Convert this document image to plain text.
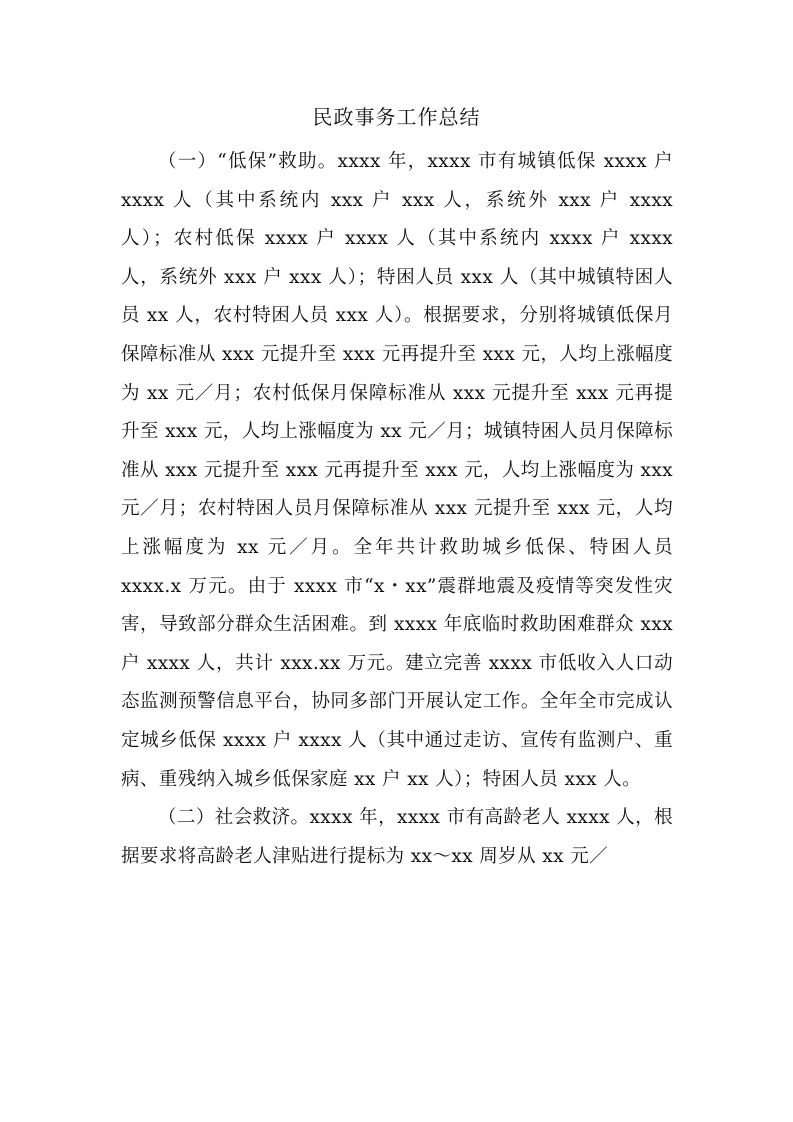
民政事务工作总结

（一）“低保”救助。xxxx 年，xxxx 市有城镇低保 xxxx 户 xxxx 人（其中系统内 xxx 户 xxx 人，系统外 xxx 户 xxxx 人）；农村低保 xxxx 户 xxxx 人（其中系统内 xxxx 户 xxxx 人，系统外 xxx 户 xxx 人）；特困人员 xxx 人（其中城镇特困人员 xx 人，农村特困人员 xxx 人）。根据要求，分别将城镇低保月保障标准从 xxx 元提升至 xxx 元再提升至 xxx 元，人均上涨幅度为 xx 元／月；农村低保月保障标准从 xxx 元提升至 xxx 元再提升至 xxx 元，人均上涨幅度为 xx 元／月；城镇特困人员月保障标准从 xxx 元提升至 xxx 元再提升至 xxx 元，人均上涨幅度为 xxx 元／月；农村特困人员月保障标准从 xxx 元提升至 xxx 元，人均上涨幅度为 xx 元／月。全年共计救助城乡低保、特困人员 xxxx.x 万元。由于 xxxx 市“x・xx”震群地震及疫情等突发性灾害，导致部分群众生活困难。到 xxxx 年底临时救助困难群众 xxx 户 xxxx 人，共计 xxx.xx 万元。建立完善 xxxx 市低收入人口动态监测预警信息平台，协同多部门开展认定工作。全年全市完成认定城乡低保 xxxx 户 xxxx 人（其中通过走访、宣传有监测户、重病、重残纳入城乡低保家庭 xx 户 xx 人）；特困人员 xxx 人。

（二）社会救济。xxxx 年，xxxx 市有高龄老人 xxxx 人，根据要求将高龄老人津贴进行提标为 xx～xx 周岁从 xx 元／
